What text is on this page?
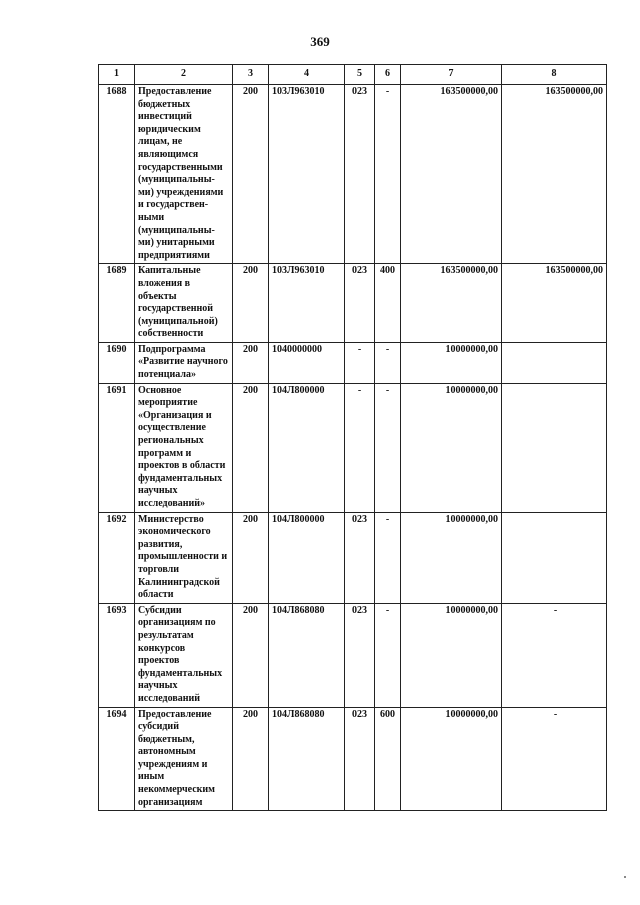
369
1	2	3	4	5	6	7	8
1688	Предоставление бюджетных инвестиций юридическим лицам, не являющимся государственными (муниципальны-ми) учреждениями и государствен-ными (муниципальны-ми) унитарными предприятиями	200	103Л963010	023	-	163500000,00	163500000,00
1689	Капитальные вложения в объекты государственной (муниципальной) собственности	200	103Л963010	023	400	163500000,00	163500000,00
1690	Подпрограмма «Развитие научного потенциала»	200	1040000000	-	-	10000000,00	
1691	Основное мероприятие «Организация и осуществление региональных программ и проектов в области фундаментальных научных исследований»	200	104Л800000	-	-	10000000,00	
1692	Министерство экономического развития, промышленности и торговли Калининградской области	200	104Л800000	023	-	10000000,00	
1693	Субсидии организациям по результатам конкурсов проектов фундаментальных научных исследований	200	104Л868080	023	-	10000000,00	-
1694	Предоставление субсидий бюджетным, автономным учреждениям и иным некоммерческим организациям	200	104Л868080	023	600	10000000,00	-
